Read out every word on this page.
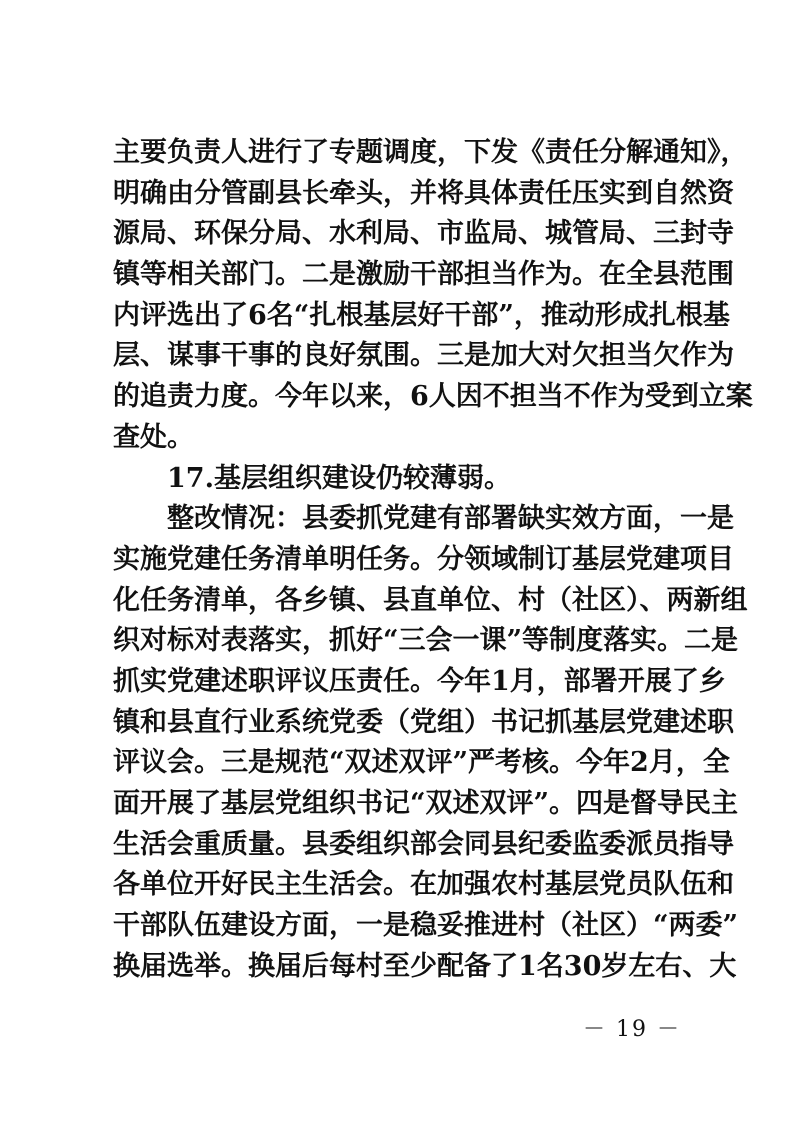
主要负责人进行了专题调度，下发《责任分解通知》，
明确由分管副县长牵头，并将具体责任压实到自然资
源局、环保分局、水利局、市监局、城管局、三封寺
镇等相关部门。二是激励干部担当作为。在全县范围
内评选出了6名“扎根基层好干部”，推动形成扎根基
层、谋事干事的良好氛围。三是加大对欠担当欠作为
的追责力度。今年以来，6人因不担当不作为受到立案
查处。
17.基层组织建设仍较薄弱。
整改情况：县委抓党建有部署缺实效方面，一是
实施党建任务清单明任务。分领域制订基层党建项目
化任务清单，各乡镇、县直单位、村（社区）、两新组
织对标对表落实，抓好“三会一课”等制度落实。二是
抓实党建述职评议压责任。今年1月，部署开展了乡
镇和县直行业系统党委（党组）书记抓基层党建述职
评议会。三是规范“双述双评”严考核。今年2月，全
面开展了基层党组织书记“双述双评”。四是督导民主
生活会重质量。县委组织部会同县纪委监委派员指导
各单位开好民主生活会。在加强农村基层党员队伍和
干部队伍建设方面，一是稳妥推进村（社区）“两委”
换届选举。换届后每村至少配备了1名30岁左右、大
－ 19 －
